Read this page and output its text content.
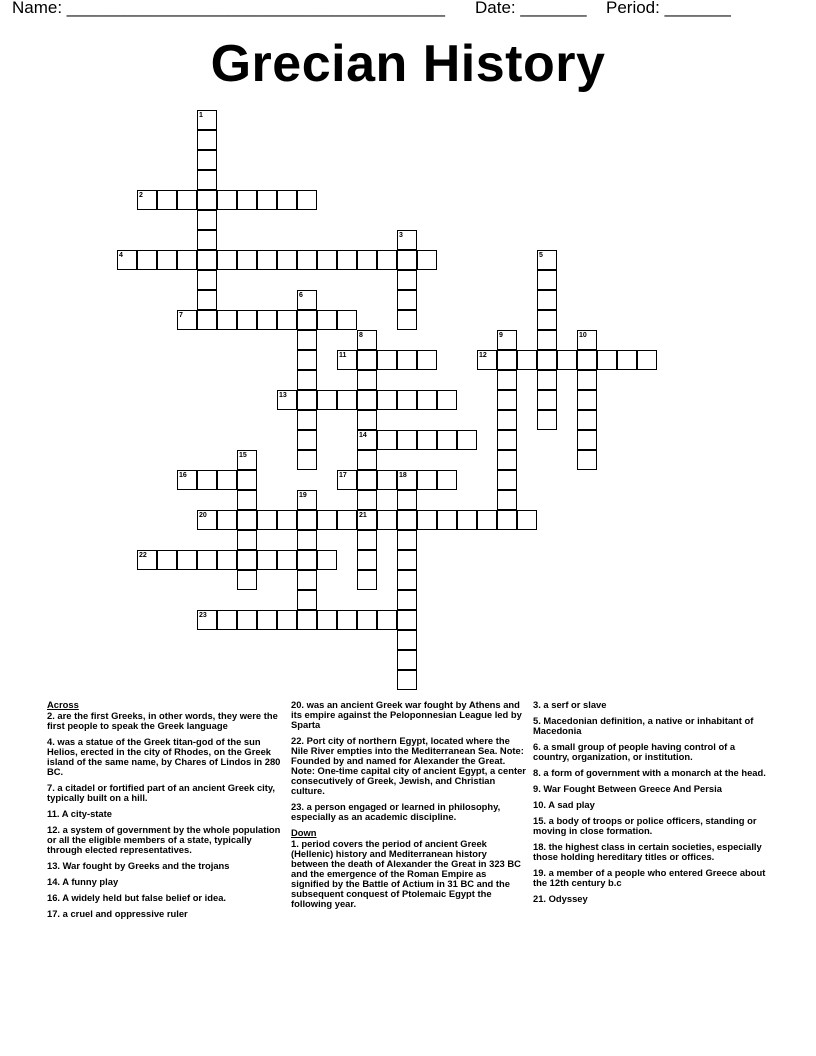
Name: ________________________________________ Date: _______ Period: _______
Grecian History
1
2
3
4	5
6
7
8	9	10
11	12
13
14
15
16	17	18
19
20	21
22
23
Across
2. are the first Greeks, in other words, they were the first people to speak the Greek language
4. was a statue of the Greek titan-god of the sun Helios, erected in the city of Rhodes, on the Greek island of the same name, by Chares of Lindos in 280 BC.
7. a citadel or fortified part of an ancient Greek city, typically built on a hill.
11. A city-state
12. a system of government by the whole population or all the eligible members of a state, typically through elected representatives.
13. War fought by Greeks and the trojans
14. A funny play
16. A widely held but false belief or idea.
17. a cruel and oppressive ruler
20. was an ancient Greek war fought by Athens and its empire against the Peloponnesian League led by Sparta
22. Port city of northern Egypt, located where the Nile River empties into the Mediterranean Sea. Note: Founded by and named for Alexander the Great. Note: One-time capital city of ancient Egypt, a center consecutively of Greek, Jewish, and Christian culture.
23. a person engaged or learned in philosophy, especially as an academic discipline.
Down
1. period covers the period of ancient Greek (Hellenic) history and Mediterranean history between the death of Alexander the Great in 323 BC and the emergence of the Roman Empire as signified by the Battle of Actium in 31 BC and the subsequent conquest of Ptolemaic Egypt the following year.
3. a serf or slave
5. Macedonian definition, a native or inhabitant of Macedonia
6. a small group of people having control of a country, organization, or institution.
8. a form of government with a monarch at the head.
9. War Fought Between Greece And Persia
10. A sad play
15. a body of troops or police officers, standing or moving in close formation.
18. the highest class in certain societies, especially those holding hereditary titles or offices.
19. a member of a people who entered Greece about the 12th century b.c
21. Odyssey
